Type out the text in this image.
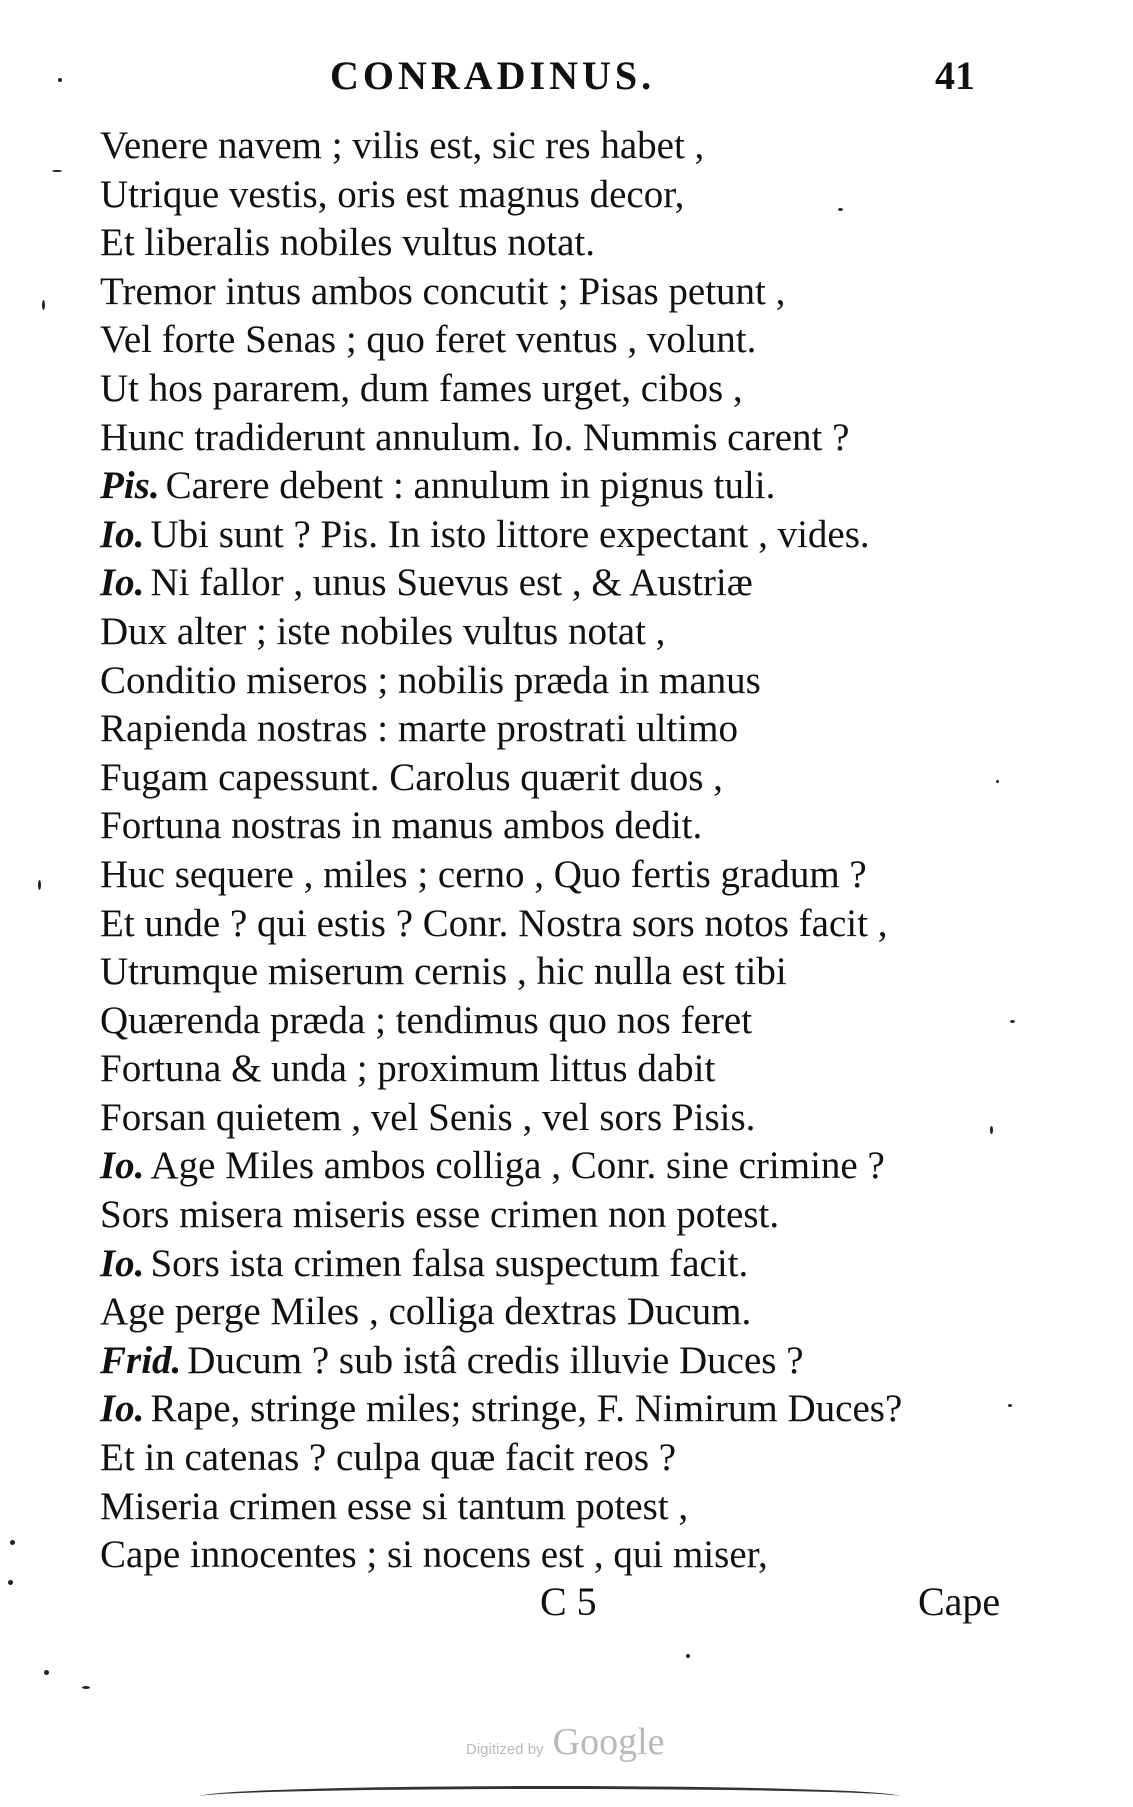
CONRADINUS.	41
Venere navem ; vilis est, sic res habet ,
Utrique vestis, oris est magnus decor,
Et liberalis nobiles vultus notat.
Tremor intus ambos concutit ; Pisas petunt ,
Vel forte Senas ; quo feret ventus , volunt.
Ut hos pararem, dum fames urget, cibos ,
Hunc tradiderunt annulum. Io. Nummis carent ?
Pis. Carere debent : annulum in pignus tuli.
Io. Ubi sunt ? Pis. In isto littore expectant , vides.
Io. Ni fallor , unus Suevus est , & Austriæ
Dux alter ; iste nobiles vultus notat ,
Conditio miseros ; nobilis præda in manus
Rapienda nostras : marte prostrati ultimo
Fugam capessunt. Carolus quærit duos ,
Fortuna nostras in manus ambos dedit.
Huc sequere , miles ; cerno , Quo fertis gradum ?
Et unde ? qui estis ? Conr. Nostra sors notos facit ,
Utrumque miserum cernis , hic nulla est tibi
Quærenda præda ; tendimus quo nos feret
Fortuna & unda ; proximum littus dabit
Forsan quietem , vel Senis , vel sors Pisis.
Io. Age Miles ambos colliga , Conr. sine crimine ?
Sors misera miseris esse crimen non potest.
Io. Sors ista crimen falsa suspectum facit.
Age perge Miles , colliga dextras Ducum.
Frid. Ducum ? sub istâ credis illuvie Duces ?
Io. Rape, stringe miles; stringe, F. Nimirum Duces?
Et in catenas ? culpa quæ facit reos ?
Miseria crimen esse si tantum potest ,
Cape innocentes ; si nocens est , qui miser,
C 5	Cape
Digitized by Google
